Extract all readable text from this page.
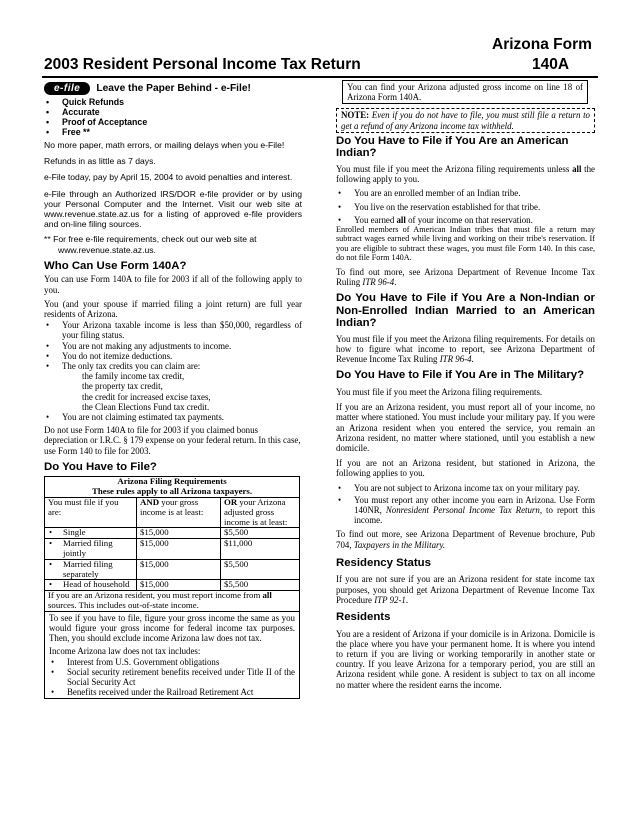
Arizona Form
2003 Resident Personal Income Tax Return	140A
e-file	Leave the Paper Behind - e-File!
• Quick Refunds
• Accurate
• Proof of Acceptance
• Free **

No more paper, math errors, or mailing delays when you e-File!

Refunds in as little as 7 days.

e-File today, pay by April 15, 2004 to avoid penalties and interest.

e-File through an Authorized IRS/DOR e-file provider or by using your Personal Computer and the Internet. Visit our web site at www.revenue.state.az.us for a listing of approved e-file providers and on-line filing sources.

** For free e-file requirements, check out our web site at www.revenue.state.az.us.

Who Can Use Form 140A?

You can use Form 140A to file for 2003 if all of the following apply to you.

You (and your spouse if married filing a joint return) are full year residents of Arizona.

• Your Arizona taxable income is less than $50,000, regardless of your filing status.
• You are not making any adjustments to income.
• You do not itemize deductions.
• The only tax credits you can claim are:
the family income tax credit,
the property tax credit,
the credit for increased excise taxes,
the Clean Elections Fund tax credit.
• You are not claiming estimated tax payments.

Do not use Form 140A to file for 2003 if you claimed bonus depreciation or I.R.C. § 179 expense on your federal return. In this case, use Form 140 to file for 2003.

Do You Have to File?
Arizona Filing Requirements
These rules apply to all Arizona taxpayers.		

You must file if you are:	AND your gross income is at least:	OR your Arizona adjusted gross income is at least:

• Single	$15,000	$5,500

• Married filing jointly	$15,000	$11,000

• Married filing separately	$15,000	$5,500

• Head of household	$15,000	$5,500
If you are an Arizona resident, you must report income from all sources. This includes out-of-state income.		

To see if you have to file, figure your gross income the same as you would figure your gross income for federal income tax purposes. Then, you should exclude income Arizona law does not tax.

Income Arizona law does not tax includes:

• Interest from U.S. Government obligations
• Social security retirement benefits received under Title II of the Social Security Act
• Benefits received under the Railroad Retirement Act
You can find your Arizona adjusted gross income on line 18 of Arizona Form 140A.
NOTE: Even if you do not have to file, you must still file a return to get a refund of any Arizona income tax withheld.
Do You Have to File if You Are an American Indian?

You must file if you meet the Arizona filing requirements unless all the following apply to you.

• You are an enrolled member of an Indian tribe.
• You live on the reservation established for that tribe.
• You earned all of your income on that reservation.

Enrolled members of American Indian tribes that must file a return may subtract wages earned while living and working on their tribe's reservation. If you are eligible to subtract these wages, you must file Form 140. In this case, do not file Form 140A.

To find out more, see Arizona Department of Revenue Income Tax Ruling ITR 96-4.

Do You Have to File if You Are a Non-Indian or Non-Enrolled Indian Married to an American Indian?

You must file if you meet the Arizona filing requirements. For details on how to figure what income to report, see Arizona Department of Revenue Income Tax Ruling ITR 96-4.

Do You Have to File if You Are in The Military?

You must file if you meet the Arizona filing requirements.

If you are an Arizona resident, you must report all of your income, no matter where stationed. You must include your military pay. If you were an Arizona resident when you entered the service, you remain an Arizona resident, no matter where stationed, until you establish a new domicile.

If you are not an Arizona resident, but stationed in Arizona, the following applies to you.

• You are not subject to Arizona income tax on your military pay.
• You must report any other income you earn in Arizona. Use Form 140NR, Nonresident Personal Income Tax Return, to report this income.

To find out more, see Arizona Department of Revenue brochure, Pub 704, Taxpayers in the Military.

Residency Status

If you are not sure if you are an Arizona resident for state income tax purposes, you should get Arizona Department of Revenue Income Tax Procedure ITP 92-1.

Residents

You are a resident of Arizona if your domicile is in Arizona. Domicile is the place where you have your permanent home. It is where you intend to return if you are living or working temporarily in another state or country. If you leave Arizona for a temporary period, you are still an Arizona resident while gone. A resident is subject to tax on all income no matter where the resident earns the income.
